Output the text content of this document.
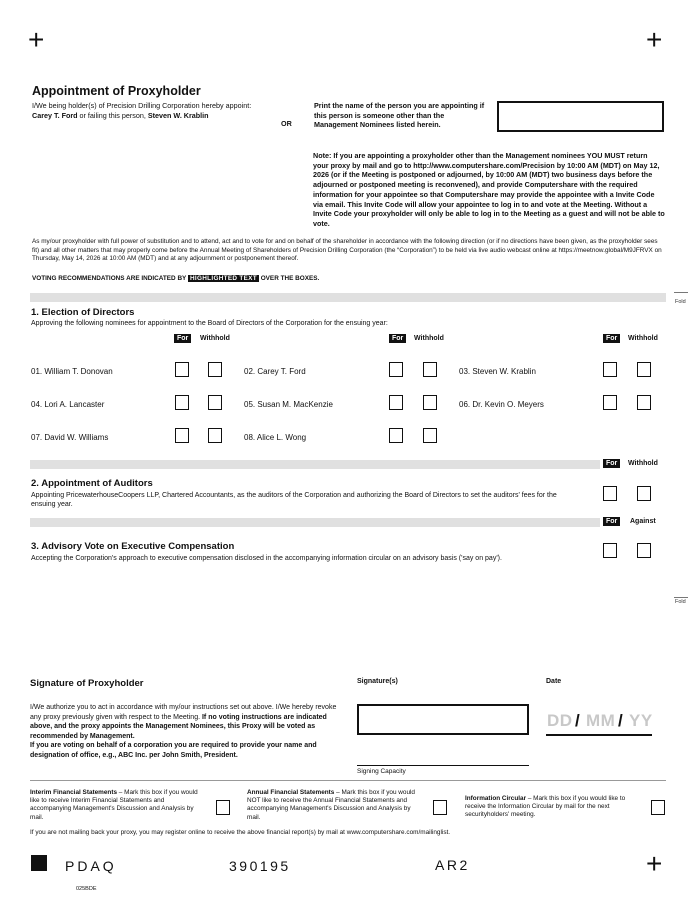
+	+
+
Appointment of Proxyholder
I/We being holder(s) of Precision Drilling Corporation hereby appoint:
Carey T. Ford or failing this person, Steven W. Krablin
OR
Print the name of the person you are appointing if this person is someone other than the Management Nominees listed herein.
Note: If you are appointing a proxyholder other than the Management nominees YOU MUST return your proxy by mail and go to http://www.computershare.com/Precision by 10:00 AM (MDT) on May 12, 2026 (or if the Meeting is postponed or adjourned, by 10:00 AM (MDT) two business days before the adjourned or postponed meeting is reconvened), and provide Computershare with the required information for your appointee so that Computershare may provide the appointee with a Invite Code via email. This Invite Code will allow your appointee to log in to and vote at the Meeting. Without a Invite Code your proxyholder will only be able to log in to the Meeting as a guest and will not be able to vote.
As my/our proxyholder with full power of substitution and to attend, act and to vote for and on behalf of the shareholder in accordance with the following direction (or if no directions have been given, as the proxyholder sees fit) and all other matters that may properly come before the Annual Meeting of Shareholders of Precision Drilling Corporation (the “Corporation”) to be held via live audio webcast online at https://meetnow.global/M9JFRVX on Thursday, May 14, 2026 at 10:00 AM (MDT) and at any adjournment or postponement thereof.
VOTING RECOMMENDATIONS ARE INDICATED BY HIGHLIGHTED TEXT OVER THE BOXES.
Fold
Fold
1. Election of Directors
Approving the following nominees for appointment to the Board of Directors of the Corporation for the ensuing year:
For	Withhold	For	Withhold	For	Withhold
01. William T. Donovan	02. Carey T. Ford	03. Steven W. Krablin
04. Lori A. Lancaster	05. Susan M. MacKenzie	06. Dr. Kevin O. Meyers
07. David W. Williams	08. Alice L. Wong
For	Withhold
2. Appointment of Auditors
Appointing PricewaterhouseCoopers LLP, Chartered Accountants, as the auditors of the Corporation and authorizing the Board of Directors to set the auditors' fees for the ensuing year.
For	Against
3. Advisory Vote on Executive Compensation
Accepting the Corporation's approach to executive compensation disclosed in the accompanying information circular on an advisory basis ('say on pay').
Signature of Proxyholder
I/We authorize you to act in accordance with my/our instructions set out above. I/We hereby revoke any proxy previously given with respect to the Meeting. If no voting instructions are indicated above, and the proxy appoints the Management Nominees, this Proxy will be voted as recommended by Management.
If you are voting on behalf of a corporation you are required to provide your name and designation of office, e.g., ABC Inc. per John Smith, President.
Signature(s)	Date
DD / MM / YY
Signing Capacity
Interim Financial Statements – Mark this box if you would like to receive Interim Financial Statements and accompanying Management's Discussion and Analysis by mail.
Annual Financial Statements – Mark this box if you would NOT like to receive the Annual Financial Statements and accompanying Management's Discussion and Analysis by mail.
Information Circular – Mark this box if you would like to receive the Information Circular by mail for the next securityholders' meeting.
If you are not mailing back your proxy, you may register online to receive the above financial report(s) by mail at www.computershare.com/mailinglist.
PDAQ	390195	AR2
025BDE
